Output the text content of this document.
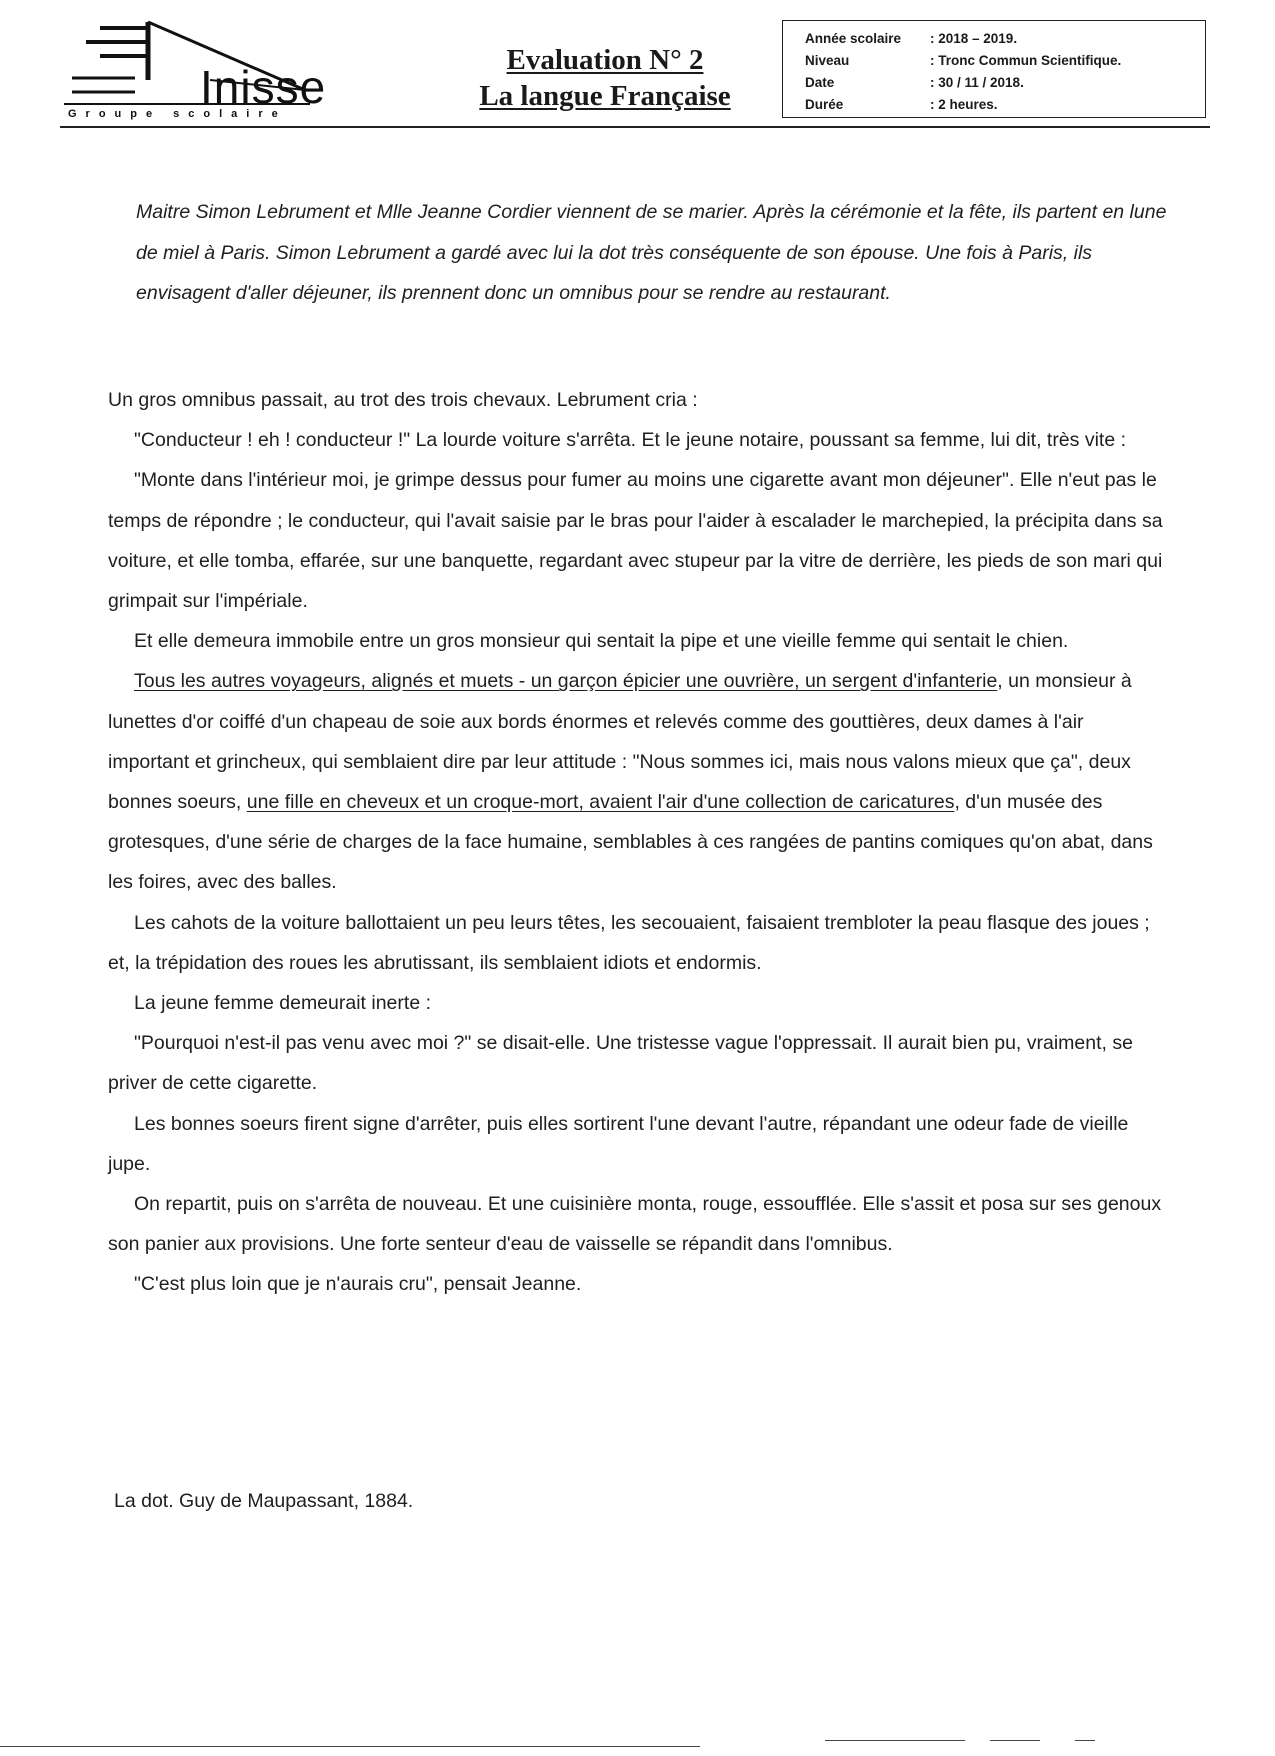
Inisse
Groupe scolaire
Evaluation N° 2
La langue Française
Année scolaire	: 2018 – 2019.
Niveau	: Tronc Commun Scientifique.
Date	: 30 / 11 / 2018.
Durée	: 2 heures.

Maitre Simon Lebrument et Mlle Jeanne Cordier viennent de se marier. Après la cérémonie et la fête, ils partent en lune de miel à Paris. Simon Lebrument a gardé avec lui la dot très conséquente de son épouse. Une fois à Paris, ils envisagent d'aller déjeuner, ils prennent donc un omnibus pour se rendre au restaurant.

Un gros omnibus passait, au trot des trois chevaux. Lebrument cria :

"Conducteur ! eh ! conducteur !" La lourde voiture s'arrêta. Et le jeune notaire, poussant sa femme, lui dit, très vite :

"Monte dans l'intérieur moi, je grimpe dessus pour fumer au moins une cigarette avant mon déjeuner". Elle n'eut pas le temps de répondre ; le conducteur, qui l'avait saisie par le bras pour l'aider à escalader le marchepied, la précipita dans sa voiture, et elle tomba, effarée, sur une banquette, regardant avec stupeur par la vitre de derrière, les pieds de son mari qui grimpait sur l'impériale.

Et elle demeura immobile entre un gros monsieur qui sentait la pipe et une vieille femme qui sentait le chien.

Tous les autres voyageurs, alignés et muets - un garçon épicier une ouvrière, un sergent d'infanterie, un monsieur à lunettes d'or coiffé d'un chapeau de soie aux bords énormes et relevés comme des gouttières, deux dames à l'air important et grincheux, qui semblaient dire par leur attitude : "Nous sommes ici, mais nous valons mieux que ça", deux bonnes soeurs, une fille en cheveux et un croque-mort, avaient l'air d'une collection de caricatures, d'un musée des grotesques, d'une série de charges de la face humaine, semblables à ces rangées de pantins comiques qu'on abat, dans les foires, avec des balles.

Les cahots de la voiture ballottaient un peu leurs têtes, les secouaient, faisaient trembloter la peau flasque des joues ; et, la trépidation des roues les abrutissant, ils semblaient idiots et endormis.

La jeune femme demeurait inerte :

"Pourquoi n'est-il pas venu avec moi ?" se disait-elle. Une tristesse vague l'oppressait. Il aurait bien pu, vraiment, se priver de cette cigarette.

Les bonnes soeurs firent signe d'arrêter, puis elles sortirent l'une devant l'autre, répandant une odeur fade de vieille jupe.

On repartit, puis on s'arrêta de nouveau. Et une cuisinière monta, rouge, essoufflée. Elle s'assit et posa sur ses genoux son panier aux provisions. Une forte senteur d'eau de vaisselle se répandit dans l'omnibus.

"C'est plus loin que je n'aurais cru", pensait Jeanne.

La dot. Guy de Maupassant, 1884.
